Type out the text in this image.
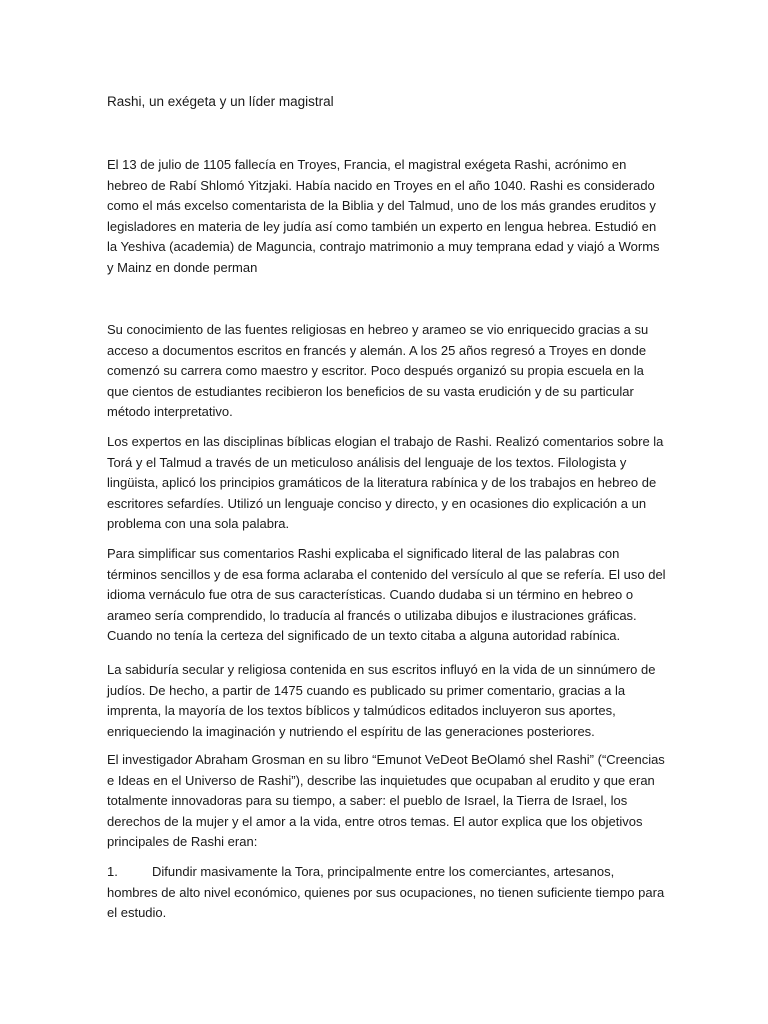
Rashi, un exégeta y un líder magistral

El 13 de julio de 1105 fallecía en Troyes, Francia, el magistral exégeta Rashi, acrónimo en hebreo de Rabí Shlomó Yitzjaki. Había nacido en Troyes en el año 1040. Rashi es considerado como el más excelso comentarista de la Biblia y del Talmud, uno de los más grandes eruditos y legisladores en materia de ley judía así como también un experto en lengua hebrea. Estudió en la Yeshiva (academia) de Maguncia, contrajo matrimonio a muy temprana edad y viajó a Worms y Mainz en donde perman

Su conocimiento de las fuentes religiosas en hebreo y arameo se vio enriquecido gracias a su acceso a documentos escritos en francés y alemán. A los 25 años regresó a Troyes en donde comenzó su carrera como maestro y escritor. Poco después organizó su propia escuela en la que cientos de estudiantes recibieron los beneficios de su vasta erudición y de su particular método interpretativo.

Los expertos en las disciplinas bíblicas elogian el trabajo de Rashi. Realizó comentarios sobre la Torá y el Talmud a través de un meticuloso análisis del lenguaje de los textos. Filologista y lingüista, aplicó los principios gramáticos de la literatura rabínica y de los trabajos en hebreo de escritores sefardíes. Utilizó un lenguaje conciso y directo, y en ocasiones dio explicación a un problema con una sola palabra.

Para simplificar sus comentarios Rashi explicaba el significado literal de las palabras con términos sencillos y de esa forma aclaraba el contenido del versículo al que se refería. El uso del idioma vernáculo fue otra de sus características. Cuando dudaba si un término en hebreo o arameo sería comprendido, lo traducía al francés o utilizaba dibujos e ilustraciones gráficas. Cuando no tenía la certeza del significado de un texto citaba a alguna autoridad rabínica.

La sabiduría secular y religiosa contenida en sus escritos influyó en la vida de un sinnúmero de judíos. De hecho, a partir de 1475 cuando es publicado su primer comentario, gracias a la imprenta, la mayoría de los textos bíblicos y talmúdicos editados incluyeron sus aportes, enriqueciendo la imaginación y nutriendo el espíritu de las generaciones posteriores.

El investigador Abraham Grosman en su libro “Emunot VeDeot BeOlamó shel Rashi” (“Creencias e Ideas en el Universo de Rashi”), describe las inquietudes que ocupaban al erudito y que eran totalmente innovadoras para su tiempo, a saber: el pueblo de Israel, la Tierra de Israel, los derechos de la mujer y el amor a la vida, entre otros temas. El autor explica que los objetivos principales de Rashi eran:

1.	Difundir masivamente la Tora, principalmente entre los comerciantes, artesanos, hombres de alto nivel económico, quienes por sus ocupaciones, no tienen suficiente tiempo para el estudio.
